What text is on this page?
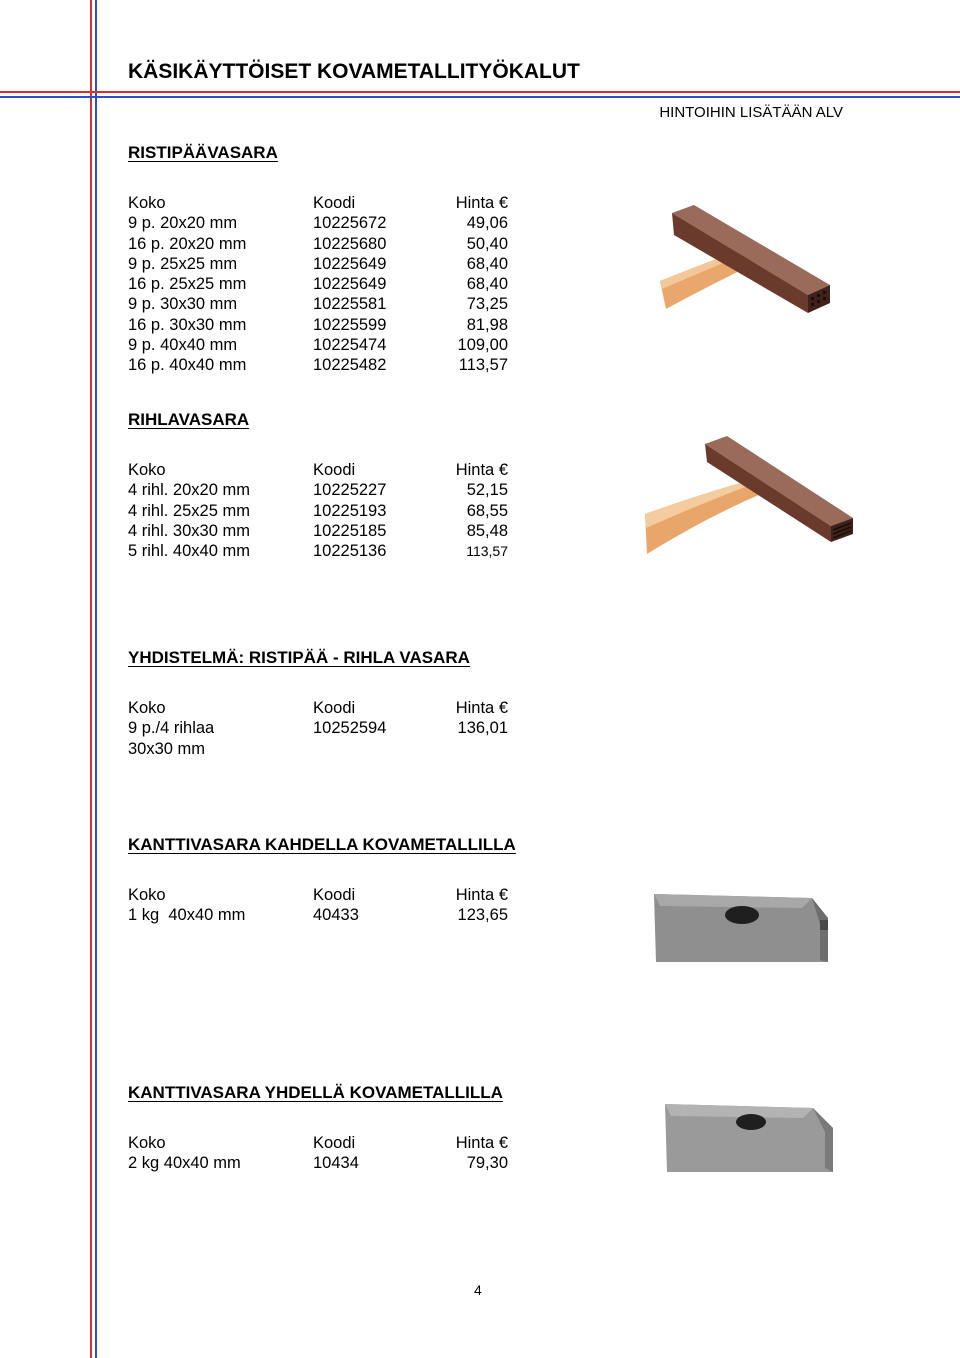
KÄSIKÄYTTÖISET KOVAMETALLITYÖKALUT
HINTOIHIN LISÄTÄÄN ALV
RISTIPÄÄVASARA
Koko	Koodi	Hinta €
9 p. 20x20 mm	10225672	49,06
16 p. 20x20 mm	10225680	50,40
9 p. 25x25 mm	10225649	68,40
16 p. 25x25 mm	10225649	68,40
9 p. 30x30 mm	10225581	73,25
16 p. 30x30 mm	10225599	81,98
9 p. 40x40 mm	10225474	109,00
16 p. 40x40 mm	10225482	113,57
RIHLAVASARA
Koko	Koodi	Hinta €
4 rihl. 20x20 mm	10225227	52,15
4 rihl. 25x25 mm	10225193	68,55
4 rihl. 30x30 mm	10225185	85,48
5 rihl. 40x40 mm	10225136	113,57
YHDISTELMÄ: RISTIPÄÄ - RIHLA VASARA
Koko	Koodi	Hinta €
9 p./4 rihlaa	10252594	136,01
30x30 mm
KANTTIVASARA KAHDELLA KOVAMETALLILLA
Koko	Koodi	Hinta €
1 kg  40x40 mm	40433	123,65
KANTTIVASARA YHDELLÄ KOVAMETALLILLA
Koko	Koodi	Hinta €
2 kg 40x40 mm	10434	79,30
4
